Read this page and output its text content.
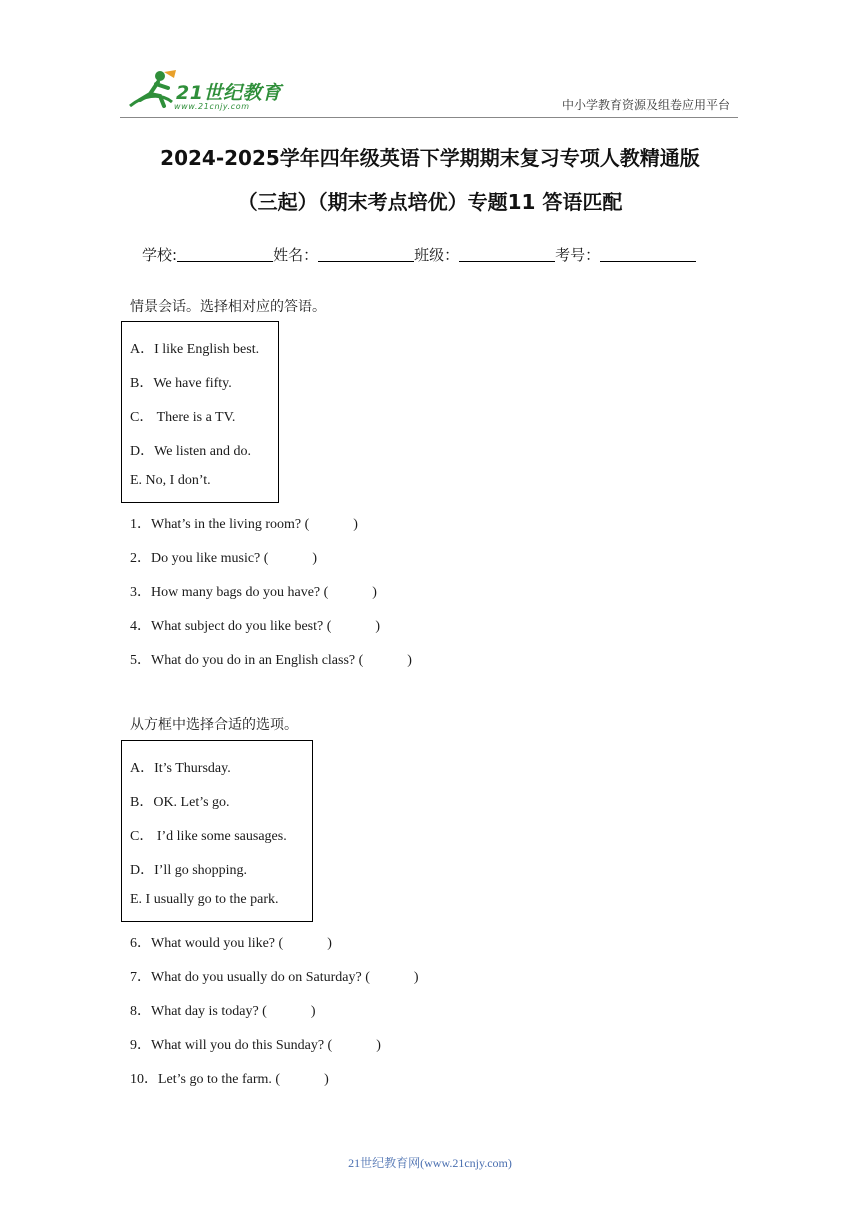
21世纪教育
www.21cnjy.com	中小学教育资源及组卷应用平台
2024-2025学年四年级英语下学期期末复习专项人教精通版
（三起）（期末考点培优）专题11 答语匹配
学校:	姓名：	班级：	考号：
情景会话。选择相对应的答语。
A．I like English best.
B．We have fifty.
C． There is a TV.
D．We listen and do.
E. No, I don’t.
1．What’s in the living room? (	)
2．Do you like music? (	)
3．How many bags do you have? (	)
4．What subject do you like best? (	)
5．What do you do in an English class? (	)
从方框中选择合适的选项。
A．It’s Thursday.
B．OK. Let’s go.
C． I’d like some sausages.
D．I’ll go shopping.
E. I usually go to the park.
6．What would you like? (	)
7．What do you usually do on Saturday? (	)
8．What day is today? (	)
9．What will you do this Sunday? (	)
10．Let’s go to the farm. (	)
21世纪教育网(www.21cnjy.com)
